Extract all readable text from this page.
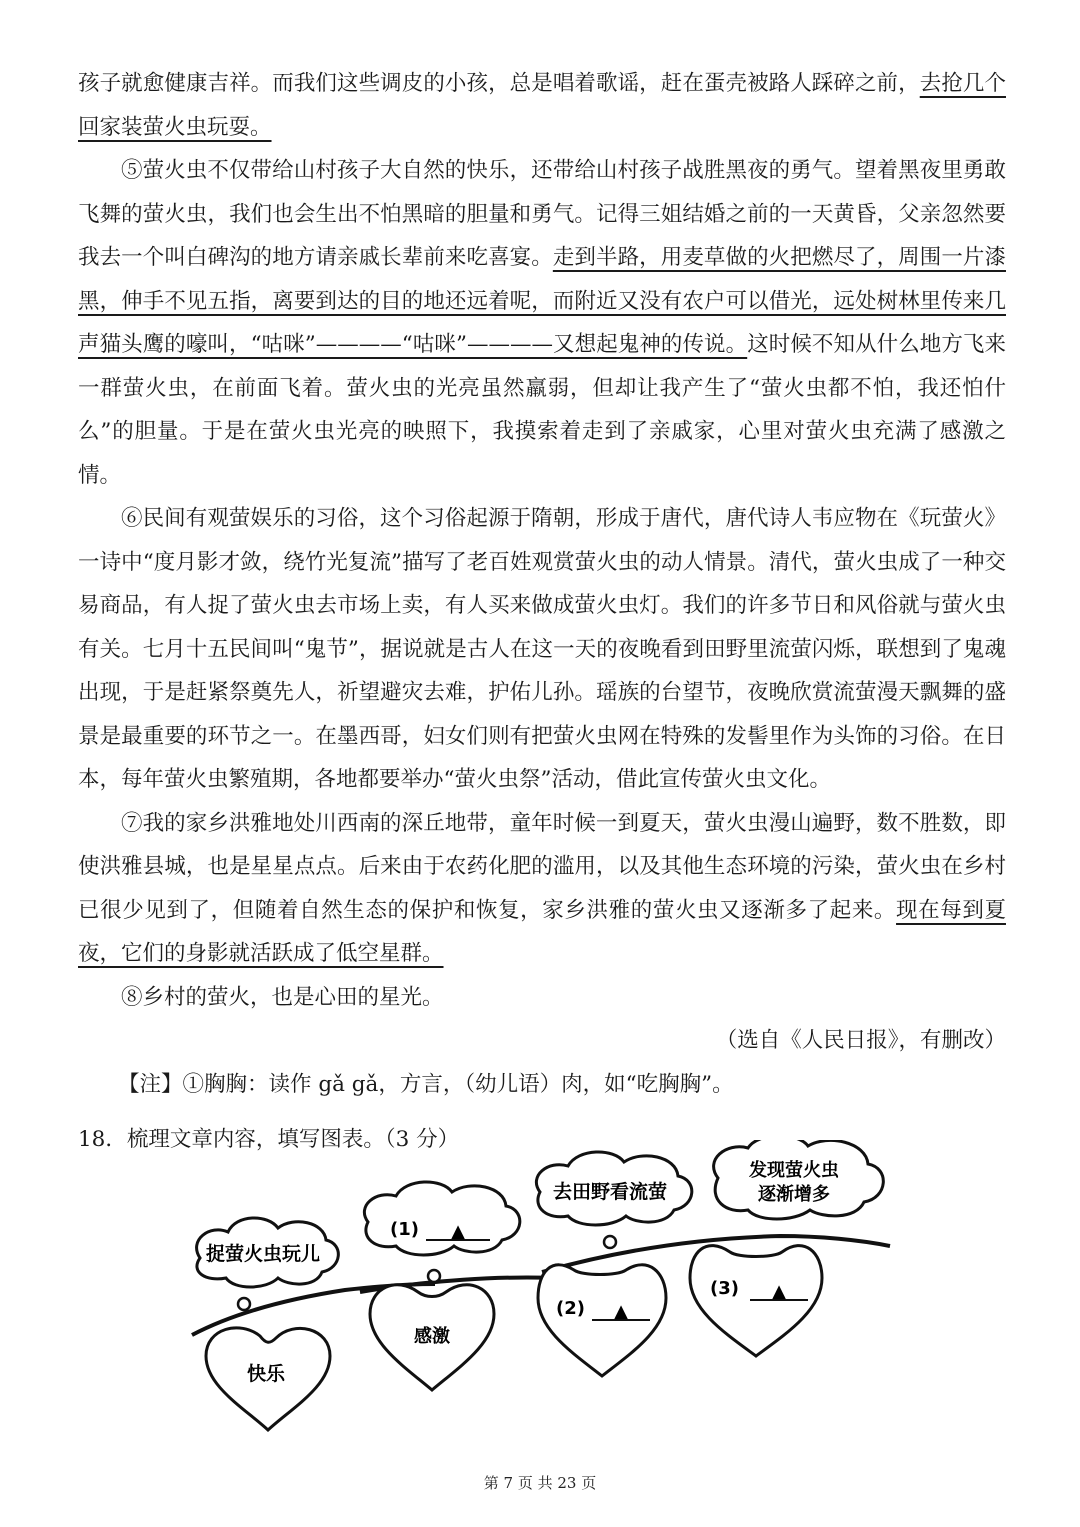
孩子就愈健康吉祥。而我们这些调皮的小孩，总是唱着歌谣，赶在蛋壳被路人踩碎之前，去抢几个回家装萤火虫玩耍。

⑤萤火虫不仅带给山村孩子大自然的快乐，还带给山村孩子战胜黑夜的勇气。望着黑夜里勇敢飞舞的萤火虫，我们也会生出不怕黑暗的胆量和勇气。记得三姐结婚之前的一天黄昏，父亲忽然要我去一个叫白碑沟的地方请亲戚长辈前来吃喜宴。走到半路，用麦草做的火把燃尽了，周围一片漆黑，伸手不见五指，离要到达的目的地还远着呢，而附近又没有农户可以借光，远处树林里传来几声猫头鹰的嚎叫，“咕咪”————“咕咪”————又想起鬼神的传说。这时候不知从什么地方飞来一群萤火虫，在前面飞着。萤火虫的光亮虽然羸弱，但却让我产生了“萤火虫都不怕，我还怕什么”的胆量。于是在萤火虫光亮的映照下，我摸索着走到了亲戚家，心里对萤火虫充满了感激之情。

⑥民间有观萤娱乐的习俗，这个习俗起源于隋朝，形成于唐代，唐代诗人韦应物在《玩萤火》一诗中“度月影才敛，绕竹光复流”描写了老百姓观赏萤火虫的动人情景。清代，萤火虫成了一种交易商品，有人捉了萤火虫去市场上卖，有人买来做成萤火虫灯。我们的许多节日和风俗就与萤火虫有关。七月十五民间叫“鬼节”，据说就是古人在这一天的夜晚看到田野里流萤闪烁，联想到了鬼魂出现，于是赶紧祭奠先人，祈望避灾去难，护佑儿孙。瑶族的台望节，夜晚欣赏流萤漫天飘舞的盛景是最重要的环节之一。在墨西哥，妇女们则有把萤火虫网在特殊的发髻里作为头饰的习俗。在日本，每年萤火虫繁殖期，各地都要举办“萤火虫祭”活动，借此宣传萤火虫文化。

⑦我的家乡洪雅地处川西南的深丘地带，童年时候一到夏天，萤火虫漫山遍野，数不胜数，即使洪雅县城，也是星星点点。后来由于农药化肥的滥用，以及其他生态环境的污染，萤火虫在乡村已很少见到了，但随着自然生态的保护和恢复，家乡洪雅的萤火虫又逐渐多了起来。现在每到夏夜，它们的身影就活跃成了低空星群。

⑧乡村的萤火，也是心田的星光。

（选自《人民日报》，有删改）

【注】①胸胸：读作 gǎ gǎ，方言，（幼儿语）肉，如“吃胸胸”。

18．梳理文章内容，填写图表。（3 分）

捉萤火虫玩儿
(1) ▲
去田野看流萤
发现萤火虫
逐渐增多
快乐
感激
(2) ▲
(3) ▲
第 7 页 共 23 页
